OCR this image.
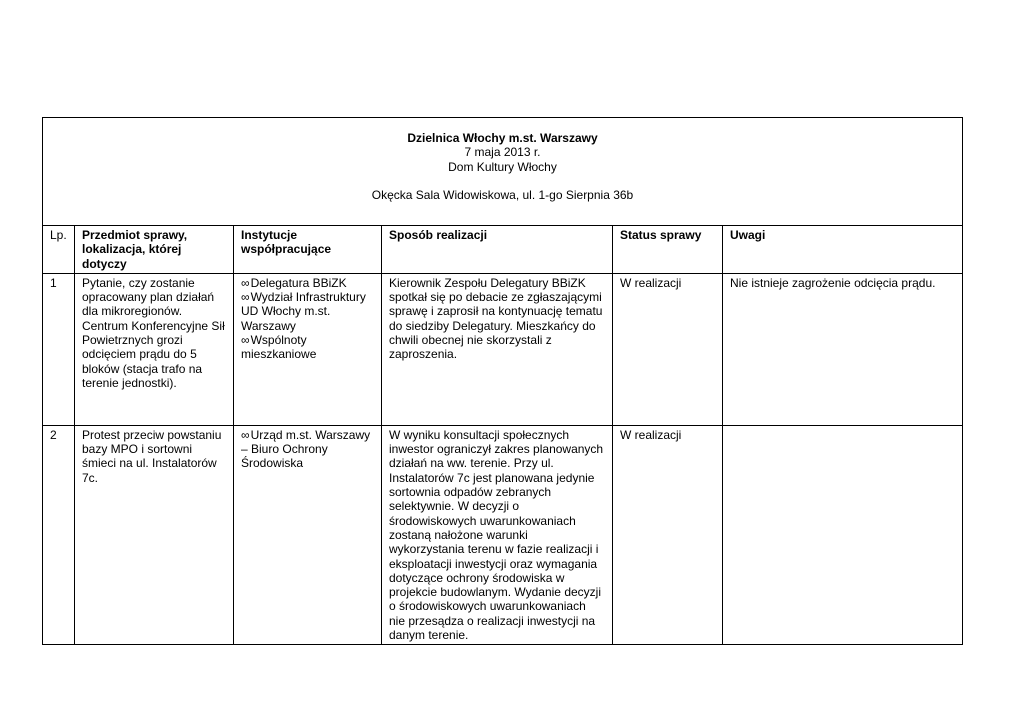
Dzielnica Włochy m.st. Warszawy
7 maja 2013 r.
Dom Kultury Włochy
Okęcka Sala Widowiskowa, ul. 1-go Sierpnia 36b					

Lp.	Przedmiot sprawy, lokalizacja, której dotyczy	Instytucje współpracujące	Sposób realizacji	Status sprawy	Uwagi
1	Pytanie, czy zostanie opracowany plan działań dla mikroregionów. Centrum Konferencyjne Sił Powietrznych grozi odcięciem prądu do 5 bloków (stacja trafo na terenie jednostki).	∞Delegatura BBiZK
∞Wydział Infrastruktury UD Włochy m.st. Warszawy
∞Wspólnoty mieszkaniowe	Kierownik Zespołu Delegatury BBiZK spotkał się po debacie ze zgłaszającymi sprawę i zaprosił na kontynuację tematu do siedziby Delegatury. Mieszkańcy do chwili obecnej nie skorzystali z zaproszenia.	W realizacji	Nie istnieje zagrożenie odcięcia prądu.
2	Protest przeciw powstaniu bazy MPO i sortowni śmieci na ul. Instalatorów 7c.	∞Urząd m.st. Warszawy – Biuro Ochrony Środowiska	W wyniku konsultacji społecznych inwestor ograniczył zakres planowanych działań na ww. terenie. Przy ul. Instalatorów 7c jest planowana jedynie sortownia odpadów zebranych selektywnie. W decyzji o środowiskowych uwarunkowaniach zostaną nałożone warunki wykorzystania terenu w fazie realizacji i eksploatacji inwestycji oraz wymagania dotyczące ochrony środowiska w projekcie budowlanym. Wydanie decyzji o środowiskowych uwarunkowaniach nie przesądza o realizacji inwestycji na danym terenie.	W realizacji	
